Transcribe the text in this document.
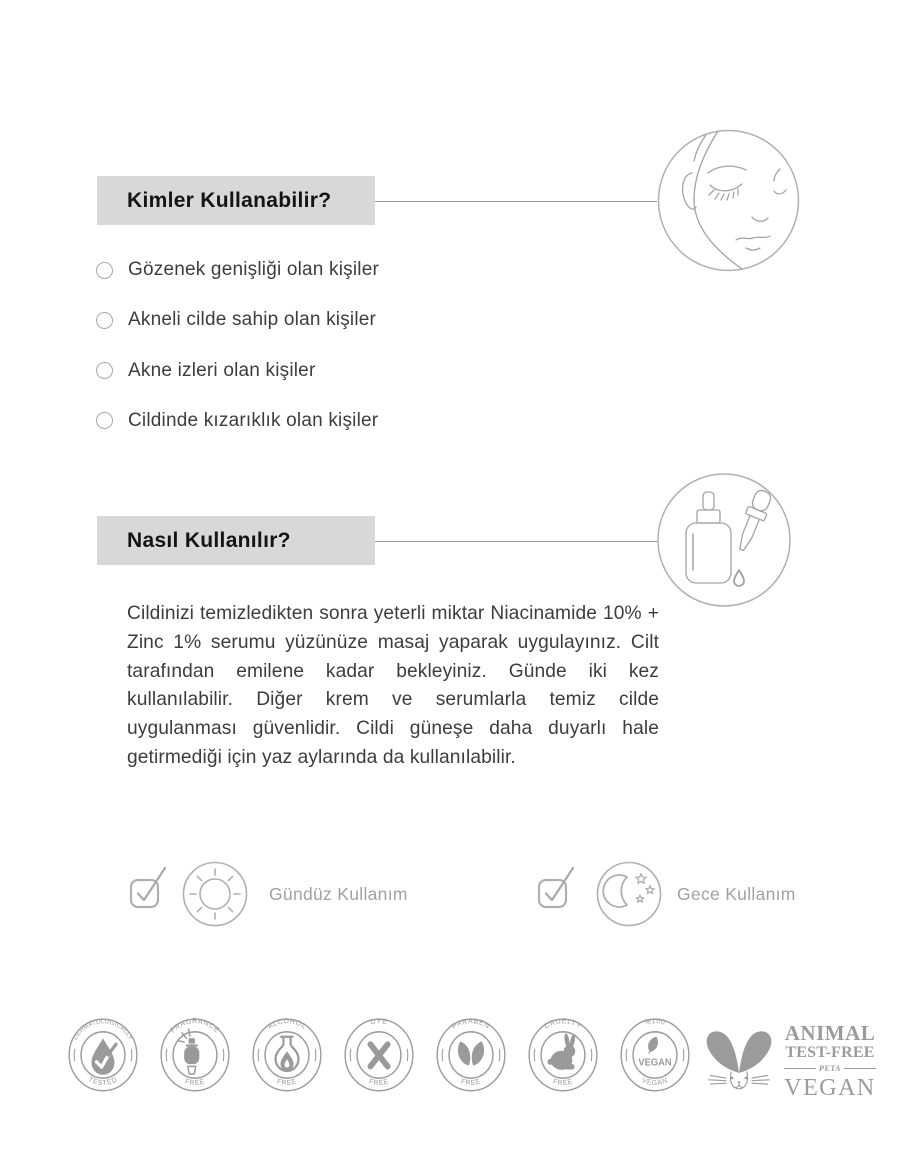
Kimler Kullanabilir?
Gözenek genişliği olan kişiler
Akneli cilde sahip olan kişiler
Akne izleri olan kişiler
Cildinde kızarıklık olan kişiler
Nasıl Kullanılır?
Cildinizi temizledikten sonra yeterli miktar Niacinamide 10% + Zinc 1% serumu yüzünüze masaj yaparak uygulayınız. Cilt tarafından emilene kadar bekleyiniz. Günde iki kez kullanılabilir. Diğer krem ve serumlarla temiz cilde uygulanması güvenlidir. Cildi güneşe daha duyarlı hale getirmediği için yaz aylarında da kullanılabilir.
Gündüz Kullanım	Gece Kullanım
DERMATOLOGICALLY
TESTED
FRAGRANCE
FREE
ALCOHOL
FREE
DYE
FREE
PARABEN
FREE
CRUELTY
FREE
%100
VEGAN
VEGAN
ANIMAL
TEST-FREE
PETA
VEGAN
